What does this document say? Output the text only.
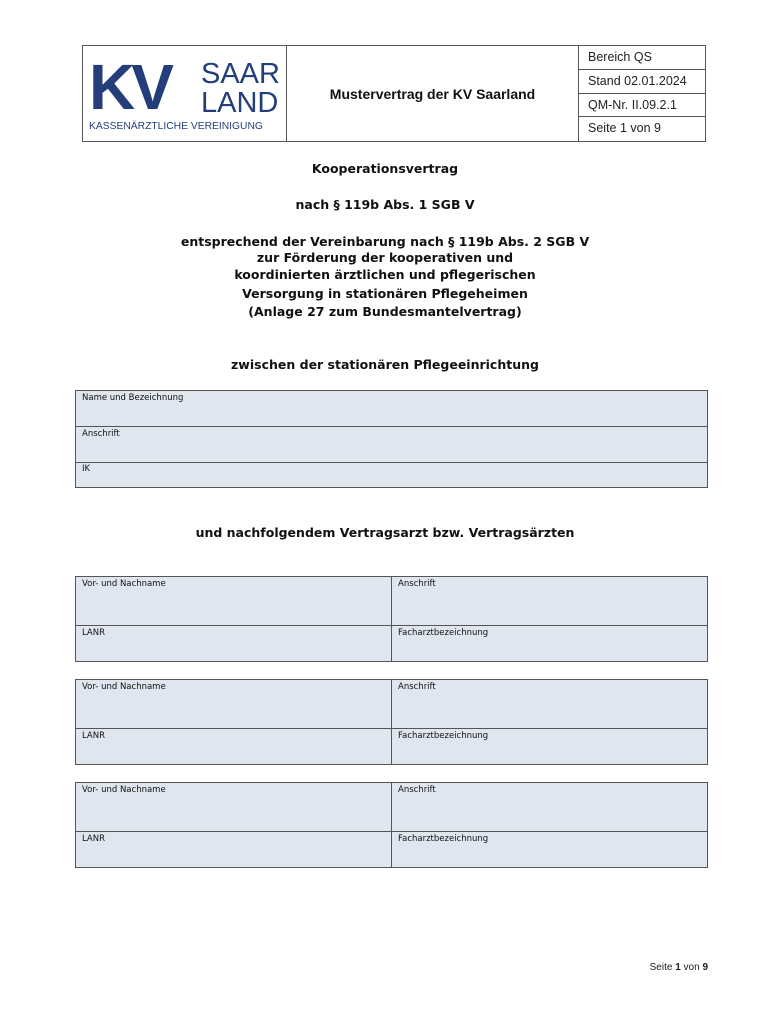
KV SAAR
LAND
KASSENÄRZTLICHE VEREINIGUNG
Mustervertrag der KV Saarland
Bereich QS
Stand 02.01.2024
QM-Nr. II.09.2.1
Seite 1 von 9
Kooperationsvertrag
nach § 119b Abs. 1 SGB V
entsprechend der Vereinbarung nach § 119b Abs. 2 SGB V
zur Förderung der kooperativen und
koordinierten ärztlichen und pflegerischen
Versorgung in stationären Pflegeheimen
(Anlage 27 zum Bundesmantelvertrag)
zwischen der stationären Pflegeeinrichtung
Name und Bezeichnung
Anschrift
IK
und nachfolgendem Vertragsarzt bzw. Vertragsärzten
Vor- und Nachname	Anschrift
LANR	Facharztbezeichnung
Vor- und Nachname	Anschrift
LANR	Facharztbezeichnung
Vor- und Nachname	Anschrift
LANR	Facharztbezeichnung
Seite 1 von 9
